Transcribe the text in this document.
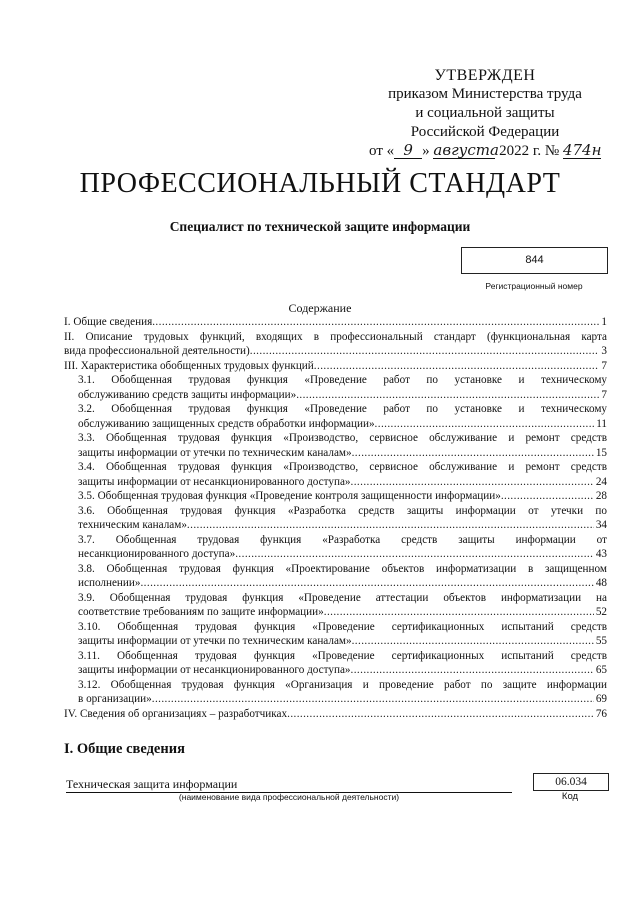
УТВЕРЖДЕН
приказом Министерства труда
и социальной защиты
Российской Федерации
от « 9 » августа 2022 г. № 474н
ПРОФЕССИОНАЛЬНЫЙ СТАНДАРТ
Специалист по технической защите информации
844
Регистрационный номер
Содержание
I. Общие сведения .....	1
II. Описание трудовых функций, входящих в профессиональный стандарт (функциональная карта
вида профессиональной деятельности) .....	3
III. Характеристика обобщенных трудовых функций .....	7
3.1. Обобщенная трудовая функция «Проведение работ по установке и техническому
обслуживанию средств защиты информации» .....	7
3.2. Обобщенная трудовая функция «Проведение работ по установке и техническому
обслуживанию защищенных средств обработки информации» .....	11
3.3. Обобщенная трудовая функция «Производство, сервисное обслуживание и ремонт средств
защиты информации от утечки по техническим каналам» .....	15
3.4. Обобщенная трудовая функция «Производство, сервисное обслуживание и ремонт средств
защиты информации от несанкционированного доступа» .....	24
3.5. Обобщенная трудовая функция «Проведение контроля защищенности информации» .....	28
3.6. Обобщенная трудовая функция «Разработка средств защиты информации от утечки по
техническим каналам» .....	34
3.7. Обобщенная трудовая функция «Разработка средств защиты информации от
несанкционированного доступа» .....	43
3.8. Обобщенная трудовая функция «Проектирование объектов информатизации в защищенном
исполнении» .....	48
3.9. Обобщенная трудовая функция «Проведение аттестации объектов информатизации на
соответствие требованиям по защите информации» .....	52
3.10. Обобщенная трудовая функция «Проведение сертификационных испытаний средств
защиты информации от утечки по техническим каналам» .....	55
3.11. Обобщенная трудовая функция «Проведение сертификационных испытаний средств
защиты информации от несанкционированного доступа» .....	65
3.12. Обобщенная трудовая функция «Организация и проведение работ по защите информации
в организации» .....	69
IV. Сведения об организациях – разработчиках .....	76
I. Общие сведения
Техническая защита информации
(наименование вида профессиональной деятельности)
06.034
Код
